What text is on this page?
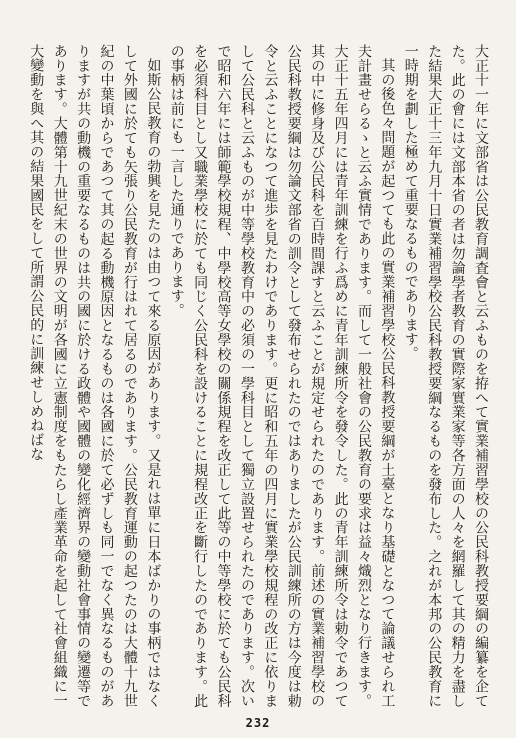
大正十一年に文部省は公民教育調査會と云ふものを拵へて實業補習學校の公民科教授要綱の編纂を企てた。此の會には文部本省の者は勿論學者教育の實際家實業家等各方面の人々を網羅して其の精力を盡した結果大正十三年九月十日實業補習學校公民科教授要綱なるものを發布した。之れが本邦の公民教育に一時期を劃した極めて重要なるものであります。

其の後色々問題が起つても此の實業補習學校公民科教授要綱が土臺となり基礎となつて論議せられ工夫計畫せらるゝと云ふ實情であります。而して一般社會の公民教育の要求は益々熾烈となり行きます。大正十五年四月には青年訓練を行ふ爲めに青年訓練所令を發令した。此の青年訓練所令は勅令であつて其の中に修身及び公民科を百時間課すと云ふことが規定せられたのであります。前述の實業補習學校の公民科教授要綱は勿論文部省の訓令として發布せられたのではありましたが公民訓練所の方は今度は勅令と云ふことになつて進歩を見たわけであります。更に昭和五年の四月に實業學校規程の改正に依りまして公民科と云ふものが中等學校教育中の必須の一學科目として獨立設置せられたのであります。次いで昭和六年には師範學校規程、中學校高等女學校の關係規程を改正して此等の中等學校に於ても公民科を必須科目とし又職業學校に於ても同じく公民科を設けることに規程改正を斷行したのであります。此の事柄は前にも一言した通りであります。

如斯公民教育の勃興を見たのは由つて來る原因があります。又是れは單に日本ばかりの事柄ではなくして外國に於ても矢張り公民教育が行はれて居るのであります。公民教育運動の起つたのは大體十九世紀の中葉頃からであつて其の起る動機原因となるものは各國に於て必ずしも同一でなく異なるものがありますが共の動機の重要なるものは共の國に於ける政體や國體の變化經濟界の變動社會事情の變遷等であります。大體第十九世紀末の世界の文明が各國に立憲制度をもたらし產業革命を起して社會組織に一大變動を與へ其の結果國民をして所謂公民的に訓練せしめねばな

232
